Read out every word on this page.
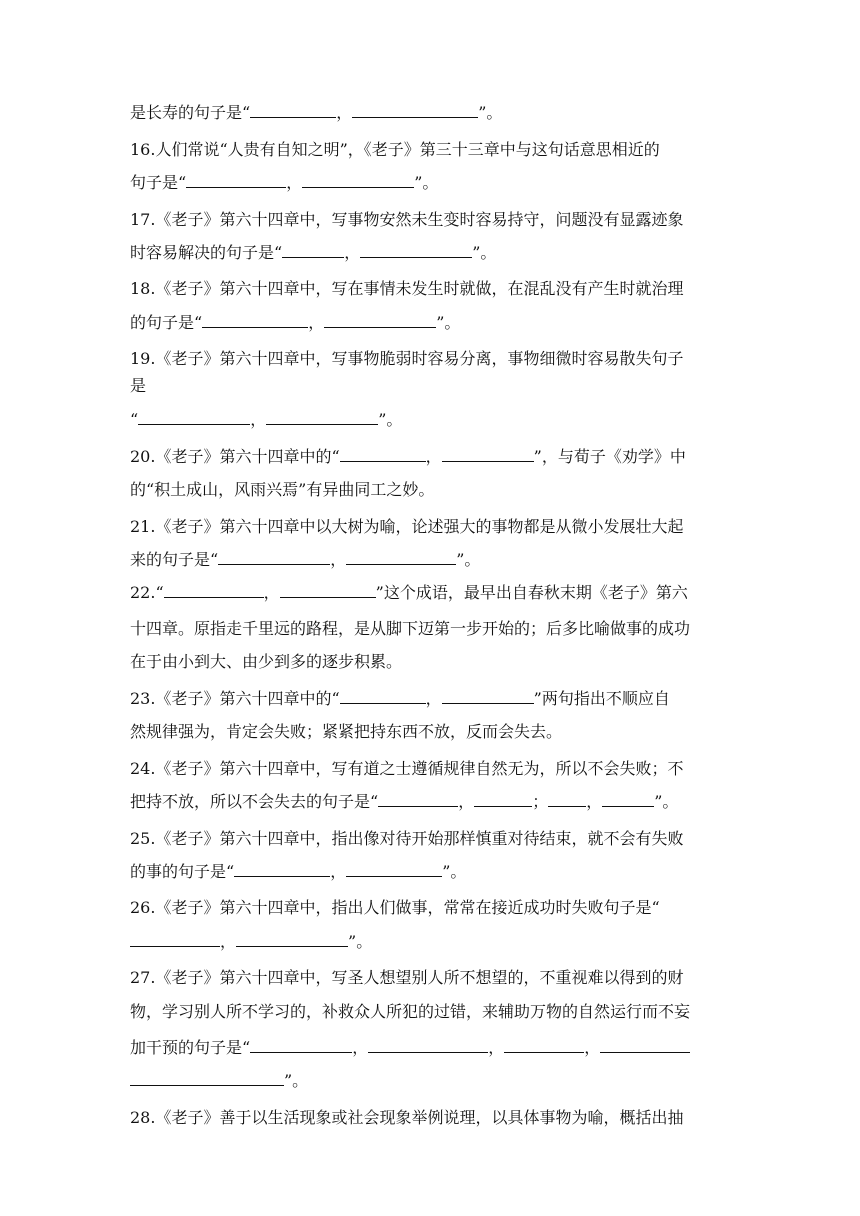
是长寿的句子是“	，	”。
16.人们常说“人贵有自知之明”，《老子》第三十三章中与这句话意思相近的
句子是“	，	”。
17.《老子》第六十四章中，写事物安然未生变时容易持守，问题没有显露迹象
时容易解决的句子是“	，	”。
18.《老子》第六十四章中，写在事情未发生时就做，在混乱没有产生时就治理
的句子是“	，	”。
19.《老子》第六十四章中，写事物脆弱时容易分离，事物细微时容易散失句子
是
“	，	”。
20.《老子》第六十四章中的“	，	”，与荀子《劝学》中
的“积土成山，风雨兴焉”有异曲同工之妙。
21.《老子》第六十四章中以大树为喻，论述强大的事物都是从微小发展壮大起
来的句子是“	，	”。
22.“	，	”这个成语，最早出自春秋末期《老子》第六
十四章。原指走千里远的路程，是从脚下迈第一步开始的；后多比喻做事的成功
在于由小到大、由少到多的逐步积累。
23.《老子》第六十四章中的“	，	”两句指出不顺应自
然规律强为，肯定会失败；紧紧把持东西不放，反而会失去。
24.《老子》第六十四章中，写有道之士遵循规律自然无为，所以不会失败；不
把持不放，所以不会失去的句子是“	，	； ，	”。
25.《老子》第六十四章中，指出像对待开始那样慎重对待结束，就不会有失败
的事的句子是“	，	”。
26.《老子》第六十四章中，指出人们做事，常常在接近成功时失败句子是“
，	”。
27.《老子》第六十四章中，写圣人想望别人所不想望的，不重视难以得到的财
物，学习别人所不学习的，补救众人所犯的过错，来辅助万物的自然运行而不妄
加干预的句子是“	，	，	，
”。
28.《老子》善于以生活现象或社会现象举例说理，以具体事物为喻，概括出抽
